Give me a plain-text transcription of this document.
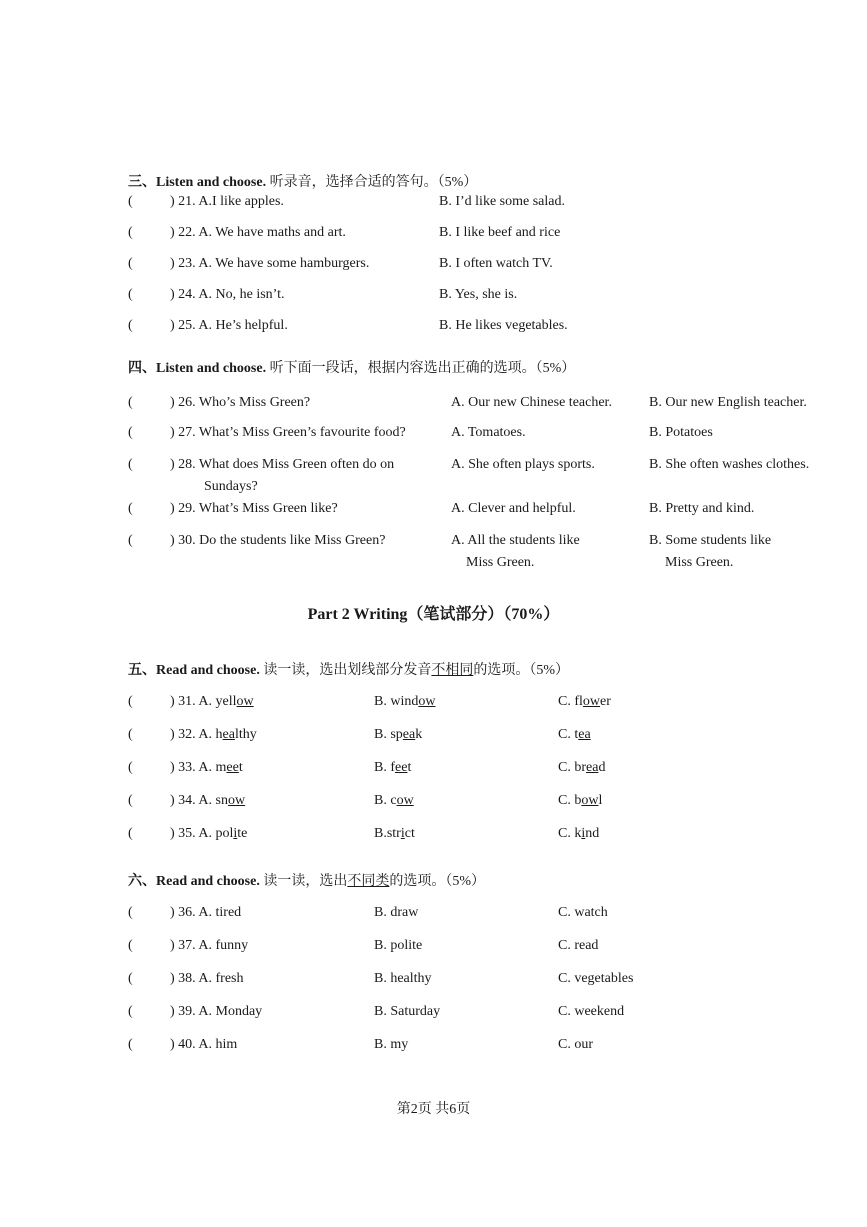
三、Listen and choose. 听录音，选择合适的答句。（5%）
(	) 21. A.I like apples.	B. I’d like some salad.
(	) 22. A. We have maths and art.	B. I like beef and rice
(	) 23. A. We have some hamburgers.	B. I often watch TV.
(	) 24. A. No, he isn’t.	B. Yes, she is.
(	) 25. A. He’s helpful.	B. He likes vegetables.
四、Listen and choose. 听下面一段话，根据内容选出正确的选项。（5%）
(	) 26. Who’s Miss Green?	A. Our new Chinese teacher.	B. Our new English teacher.
(	) 27. What’s Miss Green’s favourite food?	A. Tomatoes.	B. Potatoes
(	) 28. What does Miss Green often do on
Sundays?
A. She often plays sports.	B. She often washes clothes.
(	) 29. What’s Miss Green like?	A. Clever and helpful.	B. Pretty and kind.
(	) 30. Do the students like Miss Green?	A. All the students like
Miss Green.
B. Some students like
Miss Green.
Part 2 Writing（笔试部分）（70%）
五、Read and choose. 读一读，选出划线部分发音不相同的选项。（5%）
(	) 31. A. yellow	B. window	C. flower
(	) 32. A. healthy	B. speak	C. tea
(	) 33. A. meet	B. feet	C. bread
(	) 34. A. snow	B. cow	C. bowl
(	) 35. A. polite	B.strict	C. kind
六、Read and choose. 读一读，选出不同类的选项。（5%）
(	) 36. A. tired	B. draw	C. watch
(	) 37. A. funny	B. polite	C. read
(	) 38. A. fresh	B. healthy	C. vegetables
(	) 39. A. Monday	B. Saturday	C. weekend
(	) 40. A. him	B. my	C. our
第2页 共6页
